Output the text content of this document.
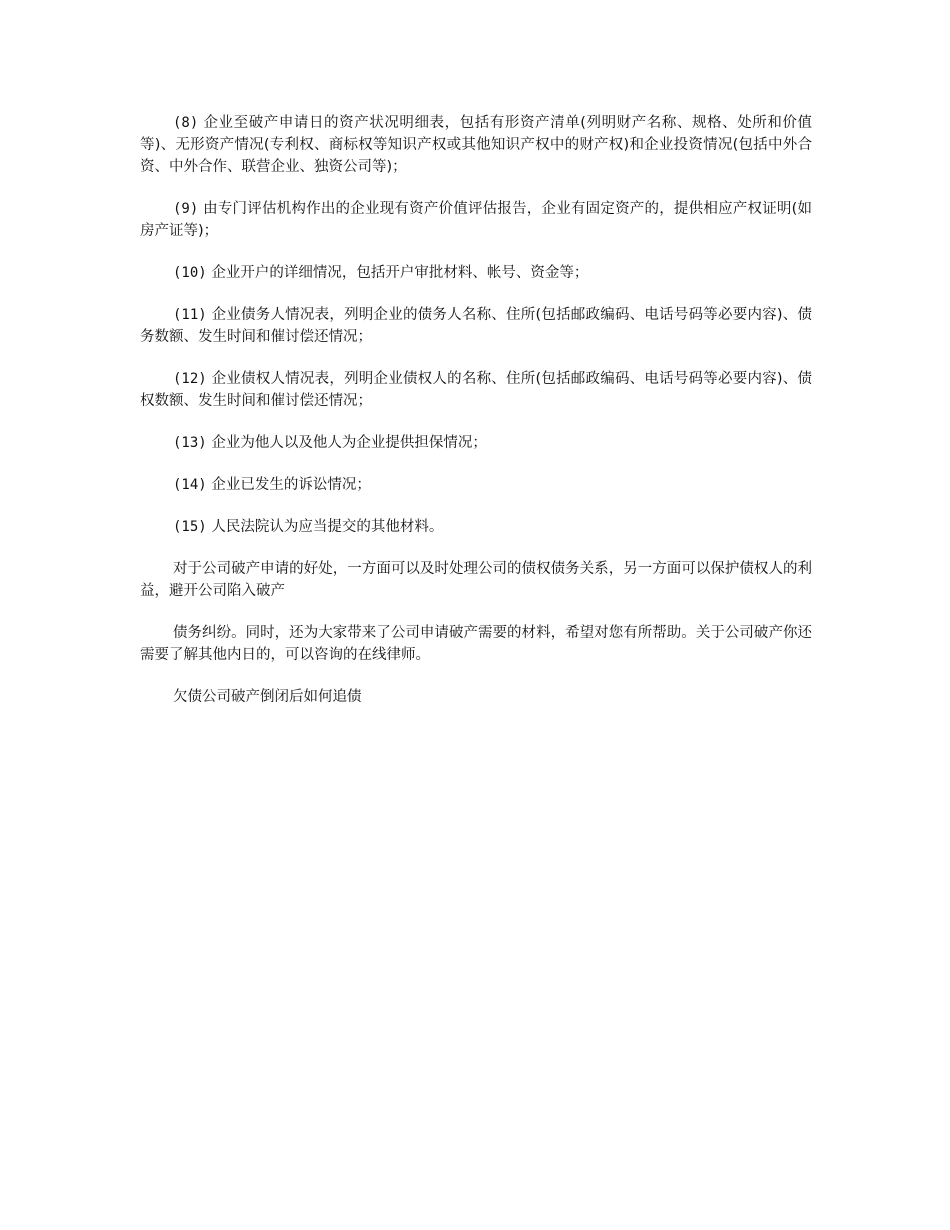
(8) 企业至破产申请日的资产状况明细表，包括有形资产清单(列明财产名称、规格、处所和价值等)、无形资产情况(专利权、商标权等知识产权或其他知识产权中的财产权)和企业投资情况(包括中外合资、中外合作、联营企业、独资公司等)；

(9) 由专门评估机构作出的企业现有资产价值评估报告，企业有固定资产的，提供相应产权证明(如房产证等)；

(10) 企业开户的详细情况，包括开户审批材料、帐号、资金等；

(11) 企业债务人情况表，列明企业的债务人名称、住所(包括邮政编码、电话号码等必要内容)、债务数额、发生时间和催讨偿还情况；

(12) 企业债权人情况表，列明企业债权人的名称、住所(包括邮政编码、电话号码等必要内容)、债权数额、发生时间和催讨偿还情况；

(13) 企业为他人以及他人为企业提供担保情况；

(14) 企业已发生的诉讼情况；

(15) 人民法院认为应当提交的其他材料。

对于公司破产申请的好处，一方面可以及时处理公司的债权债务关系，另一方面可以保护债权人的利益，避开公司陷入破产

债务纠纷。同时，还为大家带来了公司申请破产需要的材料，希望对您有所帮助。关于公司破产你还需要了解其他内日的，可以咨询的在线律师。

欠债公司破产倒闭后如何追债
